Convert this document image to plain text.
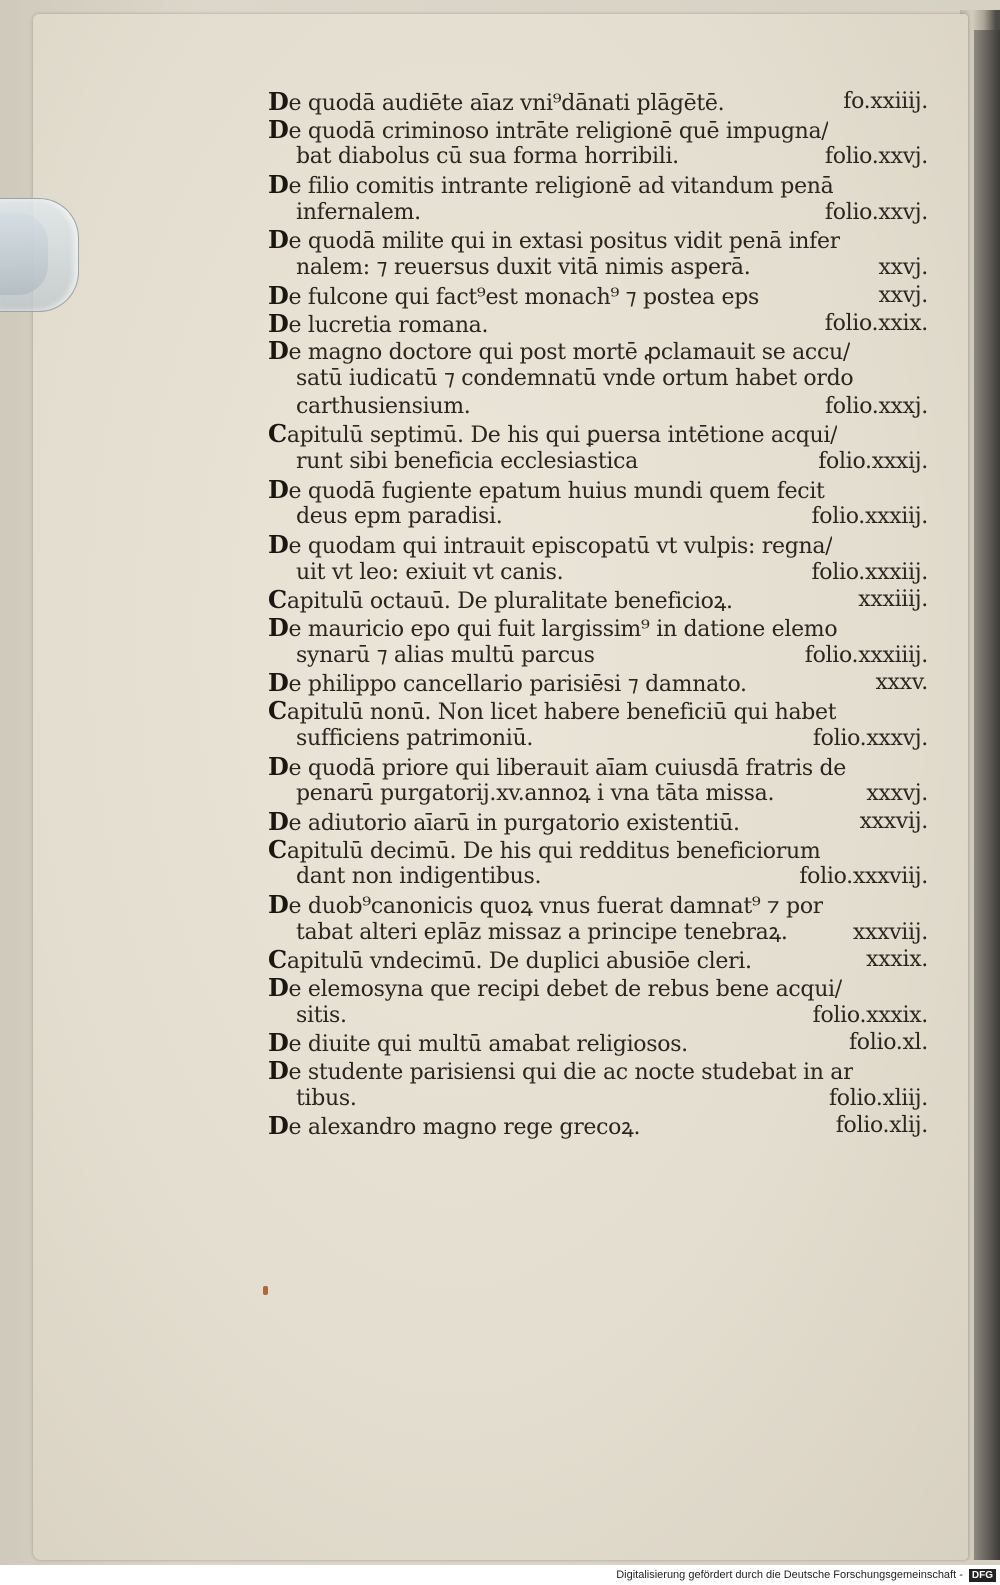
De quodā audiēte aīaz vni⁹dānati plāgētē.	fo.xxiiij.
De quodā criminoso intrāte religionē quē impugna/
bat diabolus cū sua forma horribili.	folio.xxvj.
De filio comitis intrante religionē ad vitandum penā
infernalem.	folio.xxvj.
De quodā milite qui in extasi positus vidit penā infer
nalem: ⁊ reuersus duxit vitā nimis asperā.	xxvj.
De fulcone qui fact⁹est monach⁹ ⁊ postea eps	xxvj.
De lucretia romana.	folio.xxix.
De magno doctore qui post mortē ꝓclamauit se accu/
satū iudicatū ⁊ condemnatū vnde ortum habet ordo
carthusiensium.	folio.xxxj.
Capitulū septimū. De his qui ꝑuersa intētione acqui/
runt sibi beneficia ecclesiastica	folio.xxxij.
De quodā fugiente epatum huius mundi quem fecit
deus epm paradisi.	folio.xxxiij.
De quodam qui intrauit episcopatū vt vulpis: regna/
uit vt leo: exiuit vt canis.	folio.xxxiij.
Capitulū octauū. De pluralitate beneficioꝝ.	xxxiiij.
De mauricio epo qui fuit largissim⁹ in datione elemo
synarū ⁊ alias multū parcus	folio.xxxiiij.
De philippo cancellario parisiēsi ⁊ damnato.	xxxv.
Capitulū nonū. Non licet habere beneficiū qui habet
sufficiens patrimoniū.	folio.xxxvj.
De quodā priore qui liberauit aīam cuiusdā fratris de
penarū purgatorij.xv.annoꝝ i vna tāta missa.	xxxvj.
De adiutorio aīarū in purgatorio existentiū.	xxxvij.
Capitulū decimū. De his qui redditus beneficiorum
dant non indigentibus.	folio.xxxviij.
De duob⁹canonicis quoꝝ vnus fuerat damnat⁹ ⁊ por
tabat alteri eplāz missaz a principe tenebraꝝ.	xxxviij.
Capitulū vndecimū. De duplici abusiōe cleri.	xxxix.
De elemosyna que recipi debet de rebus bene acqui/
sitis.	folio.xxxix.
De diuite qui multū amabat religiosos.	folio.xl.
De studente parisiensi qui die ac nocte studebat in ar
tibus.	folio.xliij.
De alexandro magno rege grecoꝝ.	folio.xlij.
Digitalisierung gefördert durch die Deutsche Forschungsgemeinschaft - DFG
